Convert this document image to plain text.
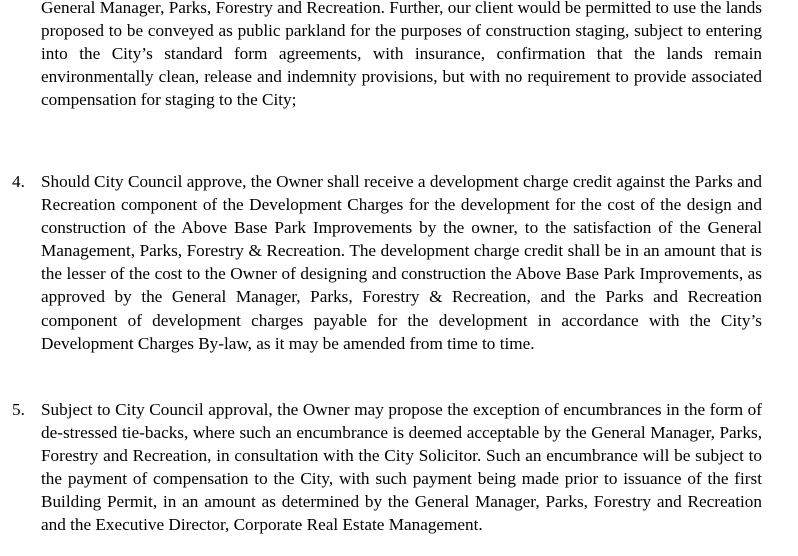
General Manager, Parks, Forestry and Recreation. Further, our client would be permitted to use the lands proposed to be conveyed as public parkland for the purposes of construction staging, subject to entering into the City’s standard form agreements, with insurance, confirmation that the lands remain environmentally clean, release and indemnity provisions, but with no requirement to provide associated compensation for staging to the City;

4. Should City Council approve, the Owner shall receive a development charge credit against the Parks and Recreation component of the Development Charges for the development for the cost of the design and construction of the Above Base Park Improvements by the owner, to the satisfaction of the General Management, Parks, Forestry & Recreation. The development charge credit shall be in an amount that is the lesser of the cost to the Owner of designing and construction the Above Base Park Improvements, as approved by the General Manager, Parks, Forestry & Recreation, and the Parks and Recreation component of development charges payable for the development in accordance with the City’s Development Charges By-law, as it may be amended from time to time.

5. Subject to City Council approval, the Owner may propose the exception of encumbrances in the form of de-stressed tie-backs, where such an encumbrance is deemed acceptable by the General Manager, Parks, Forestry and Recreation, in consultation with the City Solicitor. Such an encumbrance will be subject to the payment of compensation to the City, with such payment being made prior to issuance of the first Building Permit, in an amount as determined by the General Manager, Parks, Forestry and Recreation and the Executive Director, Corporate Real Estate Management.
